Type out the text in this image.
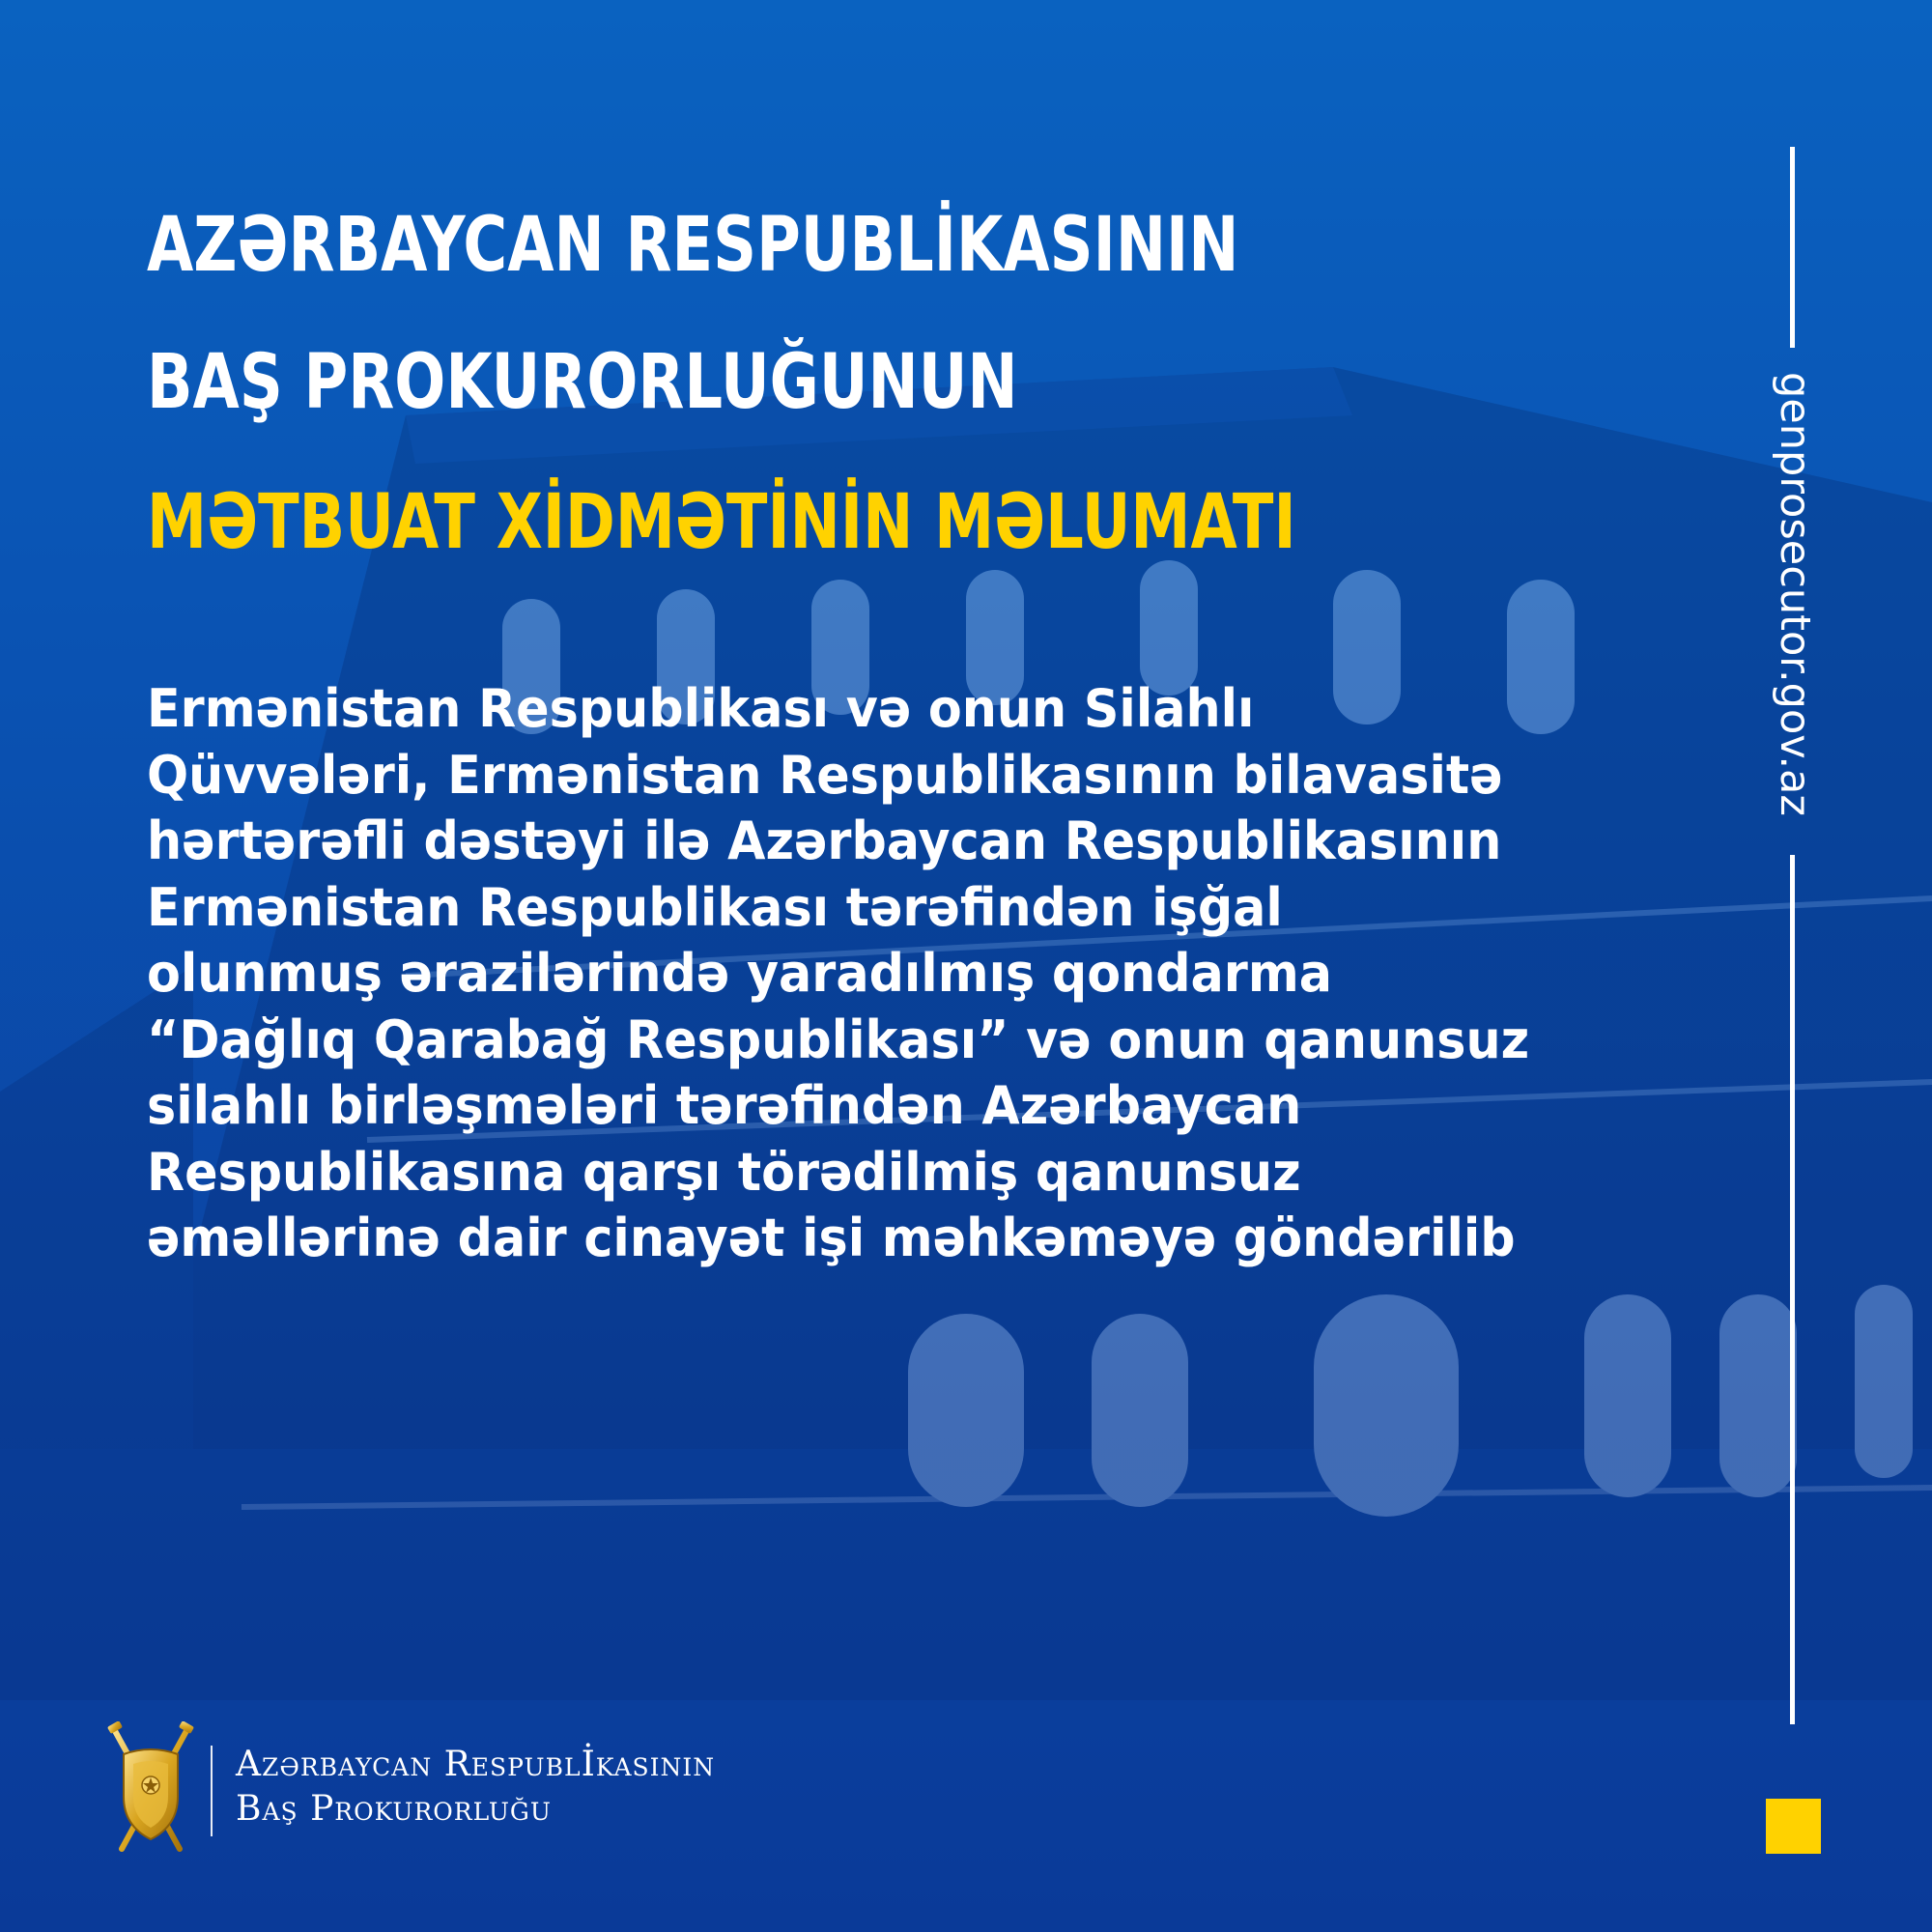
AZƏRBAYCAN RESPUBLİKASININ
BAŞ PROKURORLUĞUNUN
MƏTBUAT XİDMƏTİNİN MƏLUMATI
Ermənistan Respublikası və onun Silahlı
Qüvvələri, Ermənistan Respublikasının bilavasitə
hərtərəfli dəstəyi ilə Azərbaycan Respublikasının
Ermənistan Respublikası tərəfindən işğal
olunmuş ərazilərində yaradılmış qondarma
“Dağlıq Qarabağ Respublikası” və onun qanunsuz
silahlı birləşmələri tərəfindən Azərbaycan
Respublikasına qarşı törədilmiş qanunsuz
əməllərinə dair cinayət işi məhkəməyə göndərilib
genprosecutor.gov.az
Azərbaycan Respublİkasının
Baş Prokurorluğu
